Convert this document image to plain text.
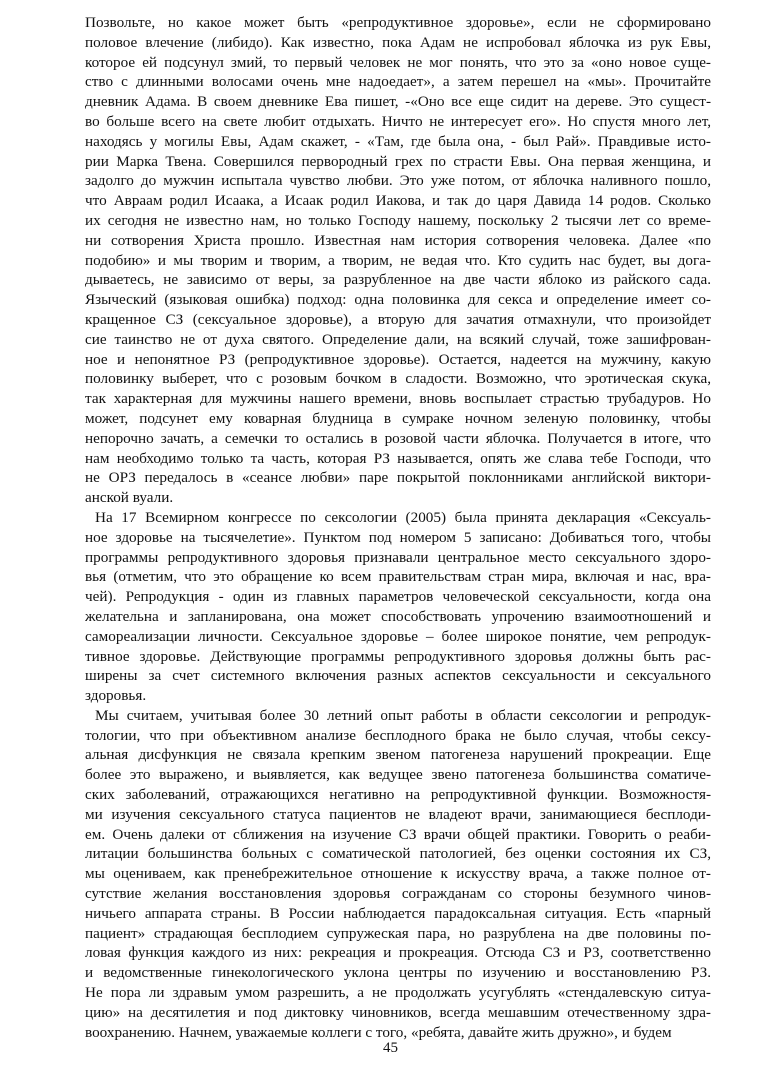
Позвольте, но какое может быть «репродуктивное здоровье», если не сформировано
половое влечение (либидо). Как известно, пока Адам не испробовал яблочка из рук Евы,
которое ей подсунул змий, то первый человек не мог понять, что это за «оно новое суще-
ство с длинными волосами очень мне надоедает», а затем перешел на «мы». Прочитайте
дневник Адама. В своем дневнике Ева пишет, -«Оно все еще сидит на дереве. Это сущест-
во больше всего на свете любит отдыхать. Ничто не интересует его». Но спустя много лет,
находясь у могилы Евы, Адам скажет, - «Там, где была она, - был Рай». Правдивые исто-
рии Марка Твена. Совершился первородный грех по страсти Евы. Она первая женщина, и
задолго до мужчин испытала чувство любви. Это уже потом, от яблочка наливного пошло,
что Авраам родил Исаака, а Исаак родил Иакова, и так до царя Давида 14 родов. Сколько
их сегодня не известно нам, но только Господу нашему, поскольку 2 тысячи лет со време-
ни сотворения Христа прошло. Известная нам история сотворения человека. Далее «по
подобию» и мы творим и творим, а творим, не ведая что. Кто судить нас будет, вы дога-
дываетесь, не зависимо от веры, за разрубленное на две части яблоко из райского сада.
Языческий (языковая ошибка) подход: одна половинка для секса и определение имеет со-
кращенное СЗ (сексуальное здоровье), а вторую для зачатия отмахнули, что произойдет
сие таинство не от духа святого. Определение дали, на всякий случай, тоже зашифрован-
ное и непонятное РЗ (репродуктивное здоровье). Остается, надеется на мужчину, какую
половинку выберет, что с розовым бочком в сладости. Возможно, что эротическая скука,
так характерная для мужчины нашего времени, вновь воспылает страстью трубадуров. Но
может, подсунет ему коварная блудница в сумраке ночном зеленую половинку, чтобы
непорочно зачать, а семечки то остались в розовой части яблочка. Получается в итоге, что
нам необходимо только та часть, которая РЗ называется, опять же слава тебе Господи, что
не ОРЗ передалось в «сеансе любви» паре покрытой поклонниками английской виктори-
анской вуали.
На 17 Всемирном конгрессе по сексологии (2005) была принята декларация «Сексуаль-
ное здоровье на тысячелетие». Пунктом под номером 5 записано: Добиваться того, чтобы
программы репродуктивного здоровья признавали центральное место сексуального здоро-
вья (отметим, что это обращение ко всем правительствам стран мира, включая и нас, вра-
чей). Репродукция - один из главных параметров человеческой сексуальности, когда она
желательна и запланирована, она может способствовать упрочению взаимоотношений и
самореализации личности. Сексуальное здоровье – более широкое понятие, чем репродук-
тивное здоровье. Действующие программы репродуктивного здоровья должны быть рас-
ширены за счет системного включения разных аспектов сексуальности и сексуального
здоровья.
Мы считаем, учитывая более 30 летний опыт работы в области сексологии и репродук-
тологии, что при объективном анализе бесплодного брака не было случая, чтобы сексу-
альная дисфункция не связала крепким звеном патогенеза нарушений прокреации. Еще
более это выражено, и выявляется, как ведущее звено патогенеза большинства соматиче-
ских заболеваний, отражающихся негативно на репродуктивной функции. Возможностя-
ми изучения сексуального статуса пациентов не владеют врачи, занимающиеся бесплоди-
ем. Очень далеки от сближения на изучение СЗ врачи общей практики. Говорить о реаби-
литации большинства больных с соматической патологией, без оценки состояния их СЗ,
мы оцениваем, как пренебрежительное отношение к искусству врача, а также полное от-
сутствие желания восстановления здоровья согражданам со стороны безумного чинов-
ничьего аппарата страны. В России наблюдается парадоксальная ситуация. Есть «парный
пациент» страдающая бесплодием супружеская пара, но разрублена на две половины по-
ловая функция каждого из них: рекреация и прокреация. Отсюда СЗ и РЗ, соответственно
и ведомственные гинекологического уклона центры по изучению и восстановлению РЗ.
Не пора ли здравым умом разрешить, а не продолжать усугублять «стендалевскую ситуа-
цию» на десятилетия и под диктовку чиновников, всегда мешавшим отечественному здра-
воохранению. Начнем, уважаемые коллеги с того, «ребята, давайте жить дружно», и будем
45
